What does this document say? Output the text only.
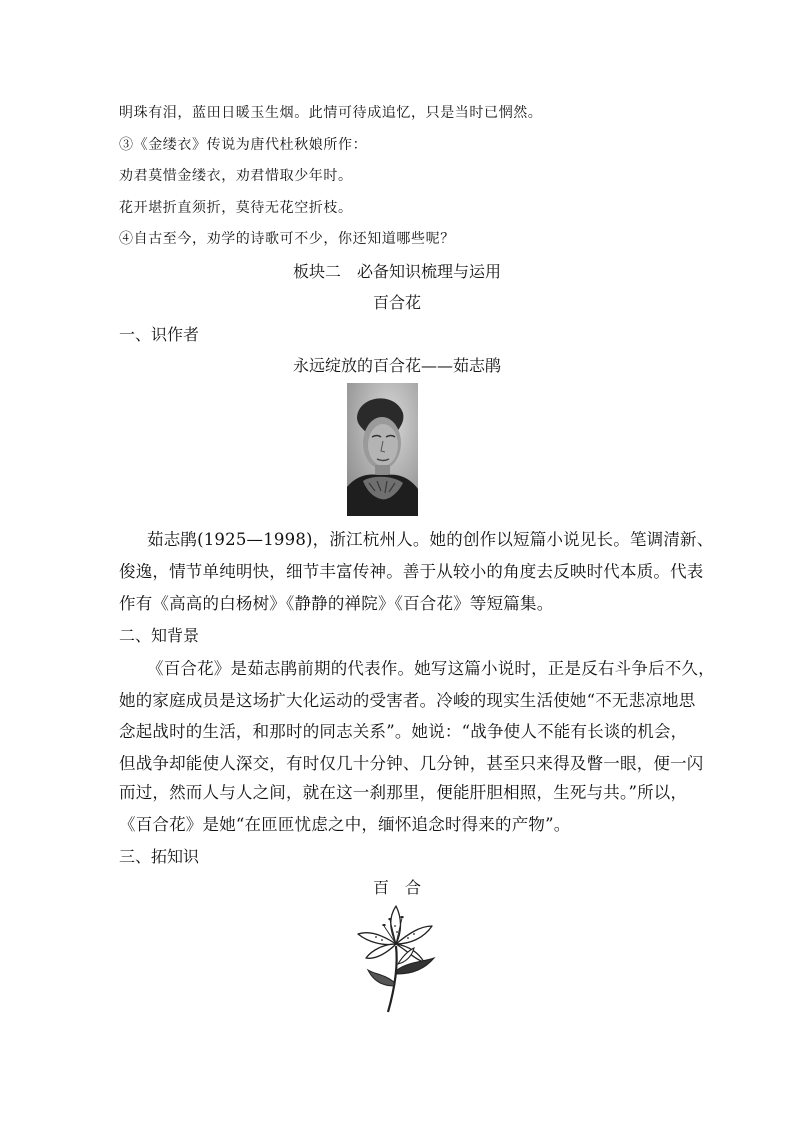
明珠有泪，蓝田日暖玉生烟。此情可待成追忆，只是当时已惘然。
③《金缕衣》传说为唐代杜秋娘所作：
劝君莫惜金缕衣，劝君惜取少年时。
花开堪折直须折，莫待无花空折枝。
④自古至今，劝学的诗歌可不少，你还知道哪些呢？
板块二　必备知识梳理与运用
百合花
一、识作者
永远绽放的百合花——茹志鹃
茹志鹃(1925—1998)，浙江杭州人。她的创作以短篇小说见长。笔调清新、
俊逸，情节单纯明快，细节丰富传神。善于从较小的角度去反映时代本质。代表
作有《高高的白杨树》《静静的禅院》《百合花》等短篇集。
二、知背景
《百合花》是茹志鹃前期的代表作。她写这篇小说时，正是反右斗争后不久，
她的家庭成员是这场扩大化运动的受害者。冷峻的现实生活使她“不无悲凉地思
念起战时的生活，和那时的同志关系”。她说：“战争使人不能有长谈的机会，
但战争却能使人深交，有时仅几十分钟、几分钟，甚至只来得及瞥一眼，便一闪
而过，然而人与人之间，就在这一刹那里，便能肝胆相照，生死与共。”所以，
《百合花》是她“在匝匝忧虑之中，缅怀追念时得来的产物”。
三、拓知识
百　合
